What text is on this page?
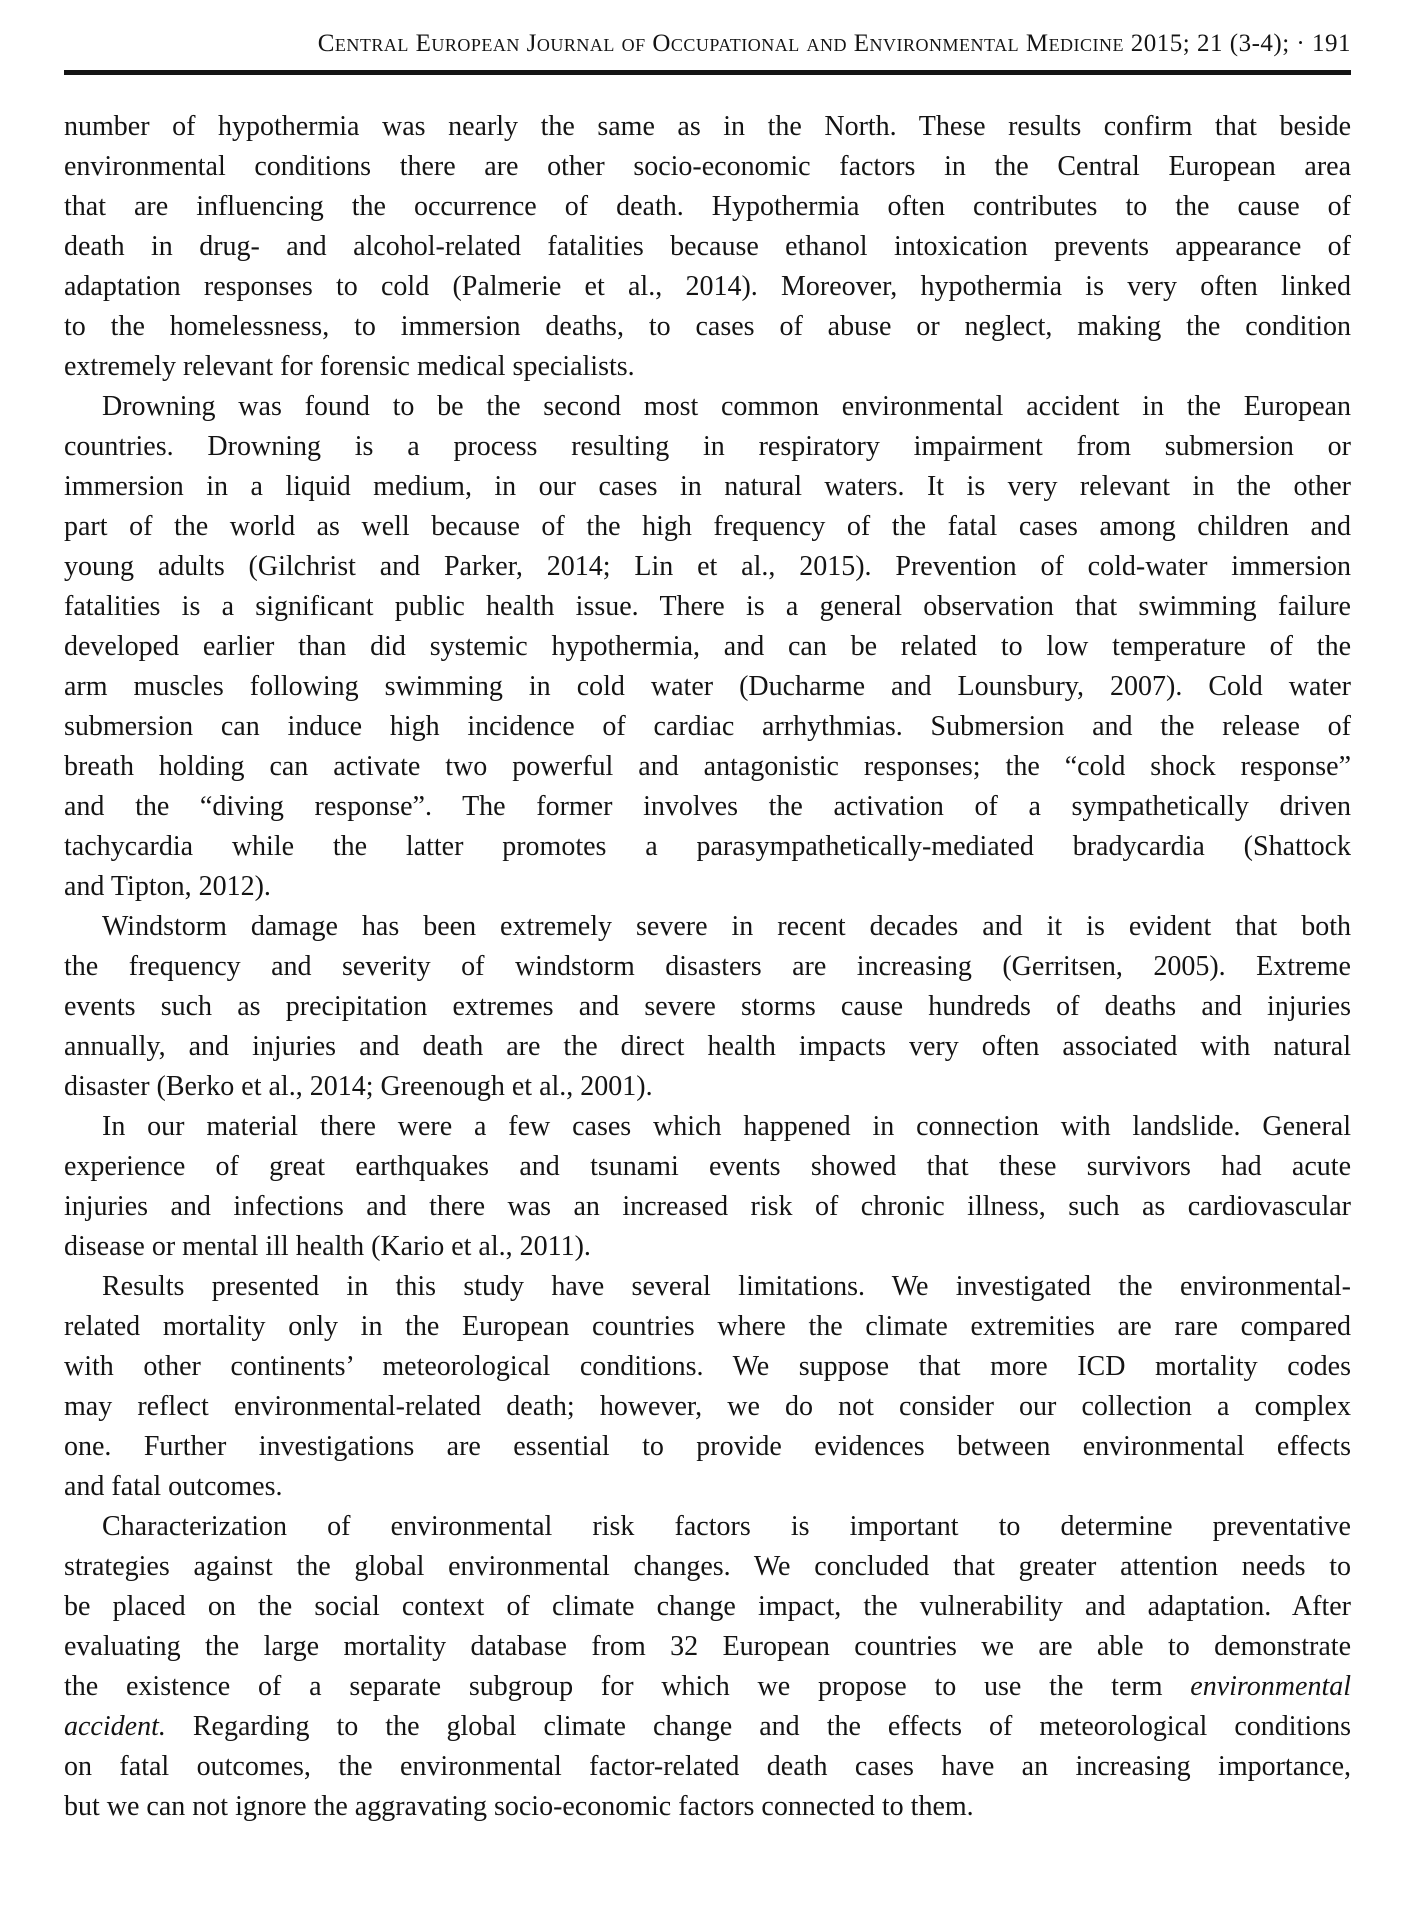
Central European Journal of Occupational and Environmental Medicine 2015; 21 (3-4); · 191
number of hypothermia was nearly the same as in the North. These results confirm that beside
environmental conditions there are other socio-economic factors in the Central European area
that are influencing the occurrence of death. Hypothermia often contributes to the cause of
death in drug- and alcohol-related fatalities because ethanol intoxication prevents appearance of
adaptation responses to cold (Palmerie et al., 2014). Moreover, hypothermia is very often linked
to the homelessness, to immersion deaths, to cases of abuse or neglect, making the condition
extremely relevant for forensic medical specialists.
Drowning was found to be the second most common environmental accident in the European
countries. Drowning is a process resulting in respiratory impairment from submersion or
immersion in a liquid medium, in our cases in natural waters. It is very relevant in the other
part of the world as well because of the high frequency of the fatal cases among children and
young adults (Gilchrist and Parker, 2014; Lin et al., 2015). Prevention of cold-water immersion
fatalities is a significant public health issue. There is a general observation that swimming failure
developed earlier than did systemic hypothermia, and can be related to low temperature of the
arm muscles following swimming in cold water (Ducharme and Lounsbury, 2007). Cold water
submersion can induce high incidence of cardiac arrhythmias. Submersion and the release of
breath holding can activate two powerful and antagonistic responses; the “cold shock response”
and the “diving response”. The former involves the activation of a sympathetically driven
tachycardia while the latter promotes a parasympathetically-mediated bradycardia (Shattock
and Tipton, 2012).
Windstorm damage has been extremely severe in recent decades and it is evident that both
the frequency and severity of windstorm disasters are increasing (Gerritsen, 2005). Extreme
events such as precipitation extremes and severe storms cause hundreds of deaths and injuries
annually, and injuries and death are the direct health impacts very often associated with natural
disaster (Berko et al., 2014; Greenough et al., 2001).
In our material there were a few cases which happened in connection with landslide. General
experience of great earthquakes and tsunami events showed that these survivors had acute
injuries and infections and there was an increased risk of chronic illness, such as cardiovascular
disease or mental ill health (Kario et al., 2011).
Results presented in this study have several limitations. We investigated the environmental-
related mortality only in the European countries where the climate extremities are rare compared
with other continents’ meteorological conditions. We suppose that more ICD mortality codes
may reflect environmental-related death; however, we do not consider our collection a complex
one. Further investigations are essential to provide evidences between environmental effects
and fatal outcomes.
Characterization of environmental risk factors is important to determine preventative
strategies against the global environmental changes. We concluded that greater attention needs to
be placed on the social context of climate change impact, the vulnerability and adaptation. After
evaluating the large mortality database from 32 European countries we are able to demonstrate
the existence of a separate subgroup for which we propose to use the term environmental
accident. Regarding to the global climate change and the effects of meteorological conditions
on fatal outcomes, the environmental factor-related death cases have an increasing importance,
but we can not ignore the aggravating socio-economic factors connected to them.
